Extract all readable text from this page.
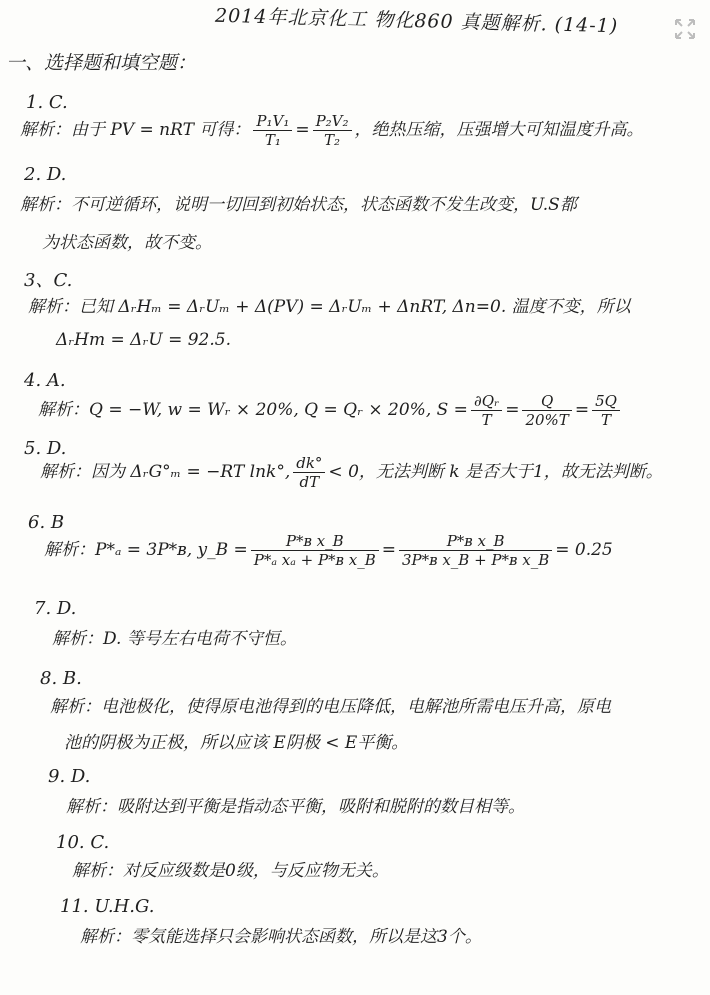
2014年北京化工 物化860 真题解析. (14-1)
一、选择题和填空题：
1. C.
解析：由于 PV = nRT 可得： $\frac{\text{P₁V₁}}{\text{T₁}} = \frac{\text{P₂V₂}}{\text{T₂}}$ ，绝热压缩，压强增大可知温度升高。
2. D.
解析：不可逆循环，说明一切回到初始状态，状态函数不发生改变，U.S都
为状态函数，故不变。
3、C.
解析：已知 ΔᵣHₘ = ΔᵣUₘ + Δ(PV) = ΔᵣUₘ + ΔnRT, Δn=0. 温度不变，所以
ΔᵣHm = ΔᵣU = 92.5.
4. A.
解析：Q = −W, w = Wᵣ × 20%, Q = Qᵣ × 20%, $S = \frac{\text{∂Qᵣ}}{T} = \frac{Q}{20\%T} = \frac{5Q}{T}$
5. D.
解析：因为 ΔᵣG°ₘ = −RT lnk°, $\frac{dk^\circ}{dT} < 0$，无法判断 k 是否大于1，故无法判断。
6. B
解析：P*ₐ = 3P*ʙ, y_B = $\frac{\text{P*ʙ x\_B}}{\text{P*ₐ xₐ + P*ʙ x\_B}} = \frac{\text{P*ʙ x\_B}}{\text{3P*ʙ x\_B + P*ʙ x\_B}} = 0.25$
7. D.
解析：D. 等号左右电荷不守恒。
8. B.
解析：电池极化，使得原电池得到的电压降低，电解池所需电压升高，原电
池的阴极为正极，所以应该 E阴极 < E平衡。
9. D.
解析：吸附达到平衡是指动态平衡，吸附和脱附的数目相等。
10. C.
解析：对反应级数是0级，与反应物无关。
11. U.H.G.
解析：零気能选择只会影响状态函数，所以是这3个。
